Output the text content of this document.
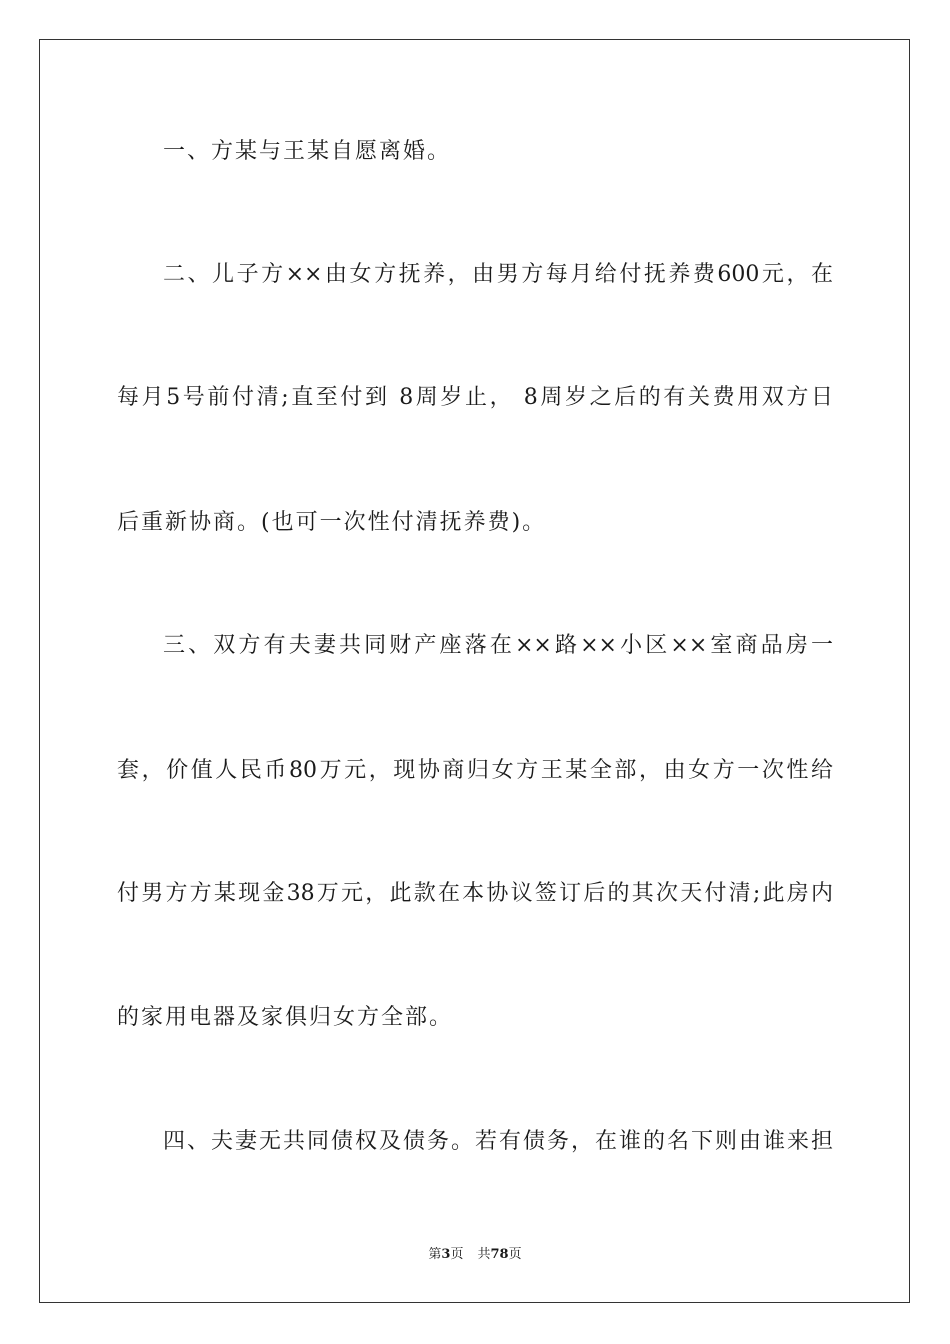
一、方某与王某自愿离婚。
二、儿子方××由女方抚养，由男方每月给付抚养费600元，在
每月5号前付清;直至付到 8周岁止， 8周岁之后的有关费用双方日
后重新协商。(也可一次性付清抚养费)。
三、双方有夫妻共同财产座落在××路××小区××室商品房一
套，价值人民币80万元，现协商归女方王某全部，由女方一次性给
付男方方某现金38万元，此款在本协议签订后的其次天付清;此房内
的家用电器及家俱归女方全部。
四、夫妻无共同债权及债务。若有债务，在谁的名下则由谁来担
第3页 共78页
